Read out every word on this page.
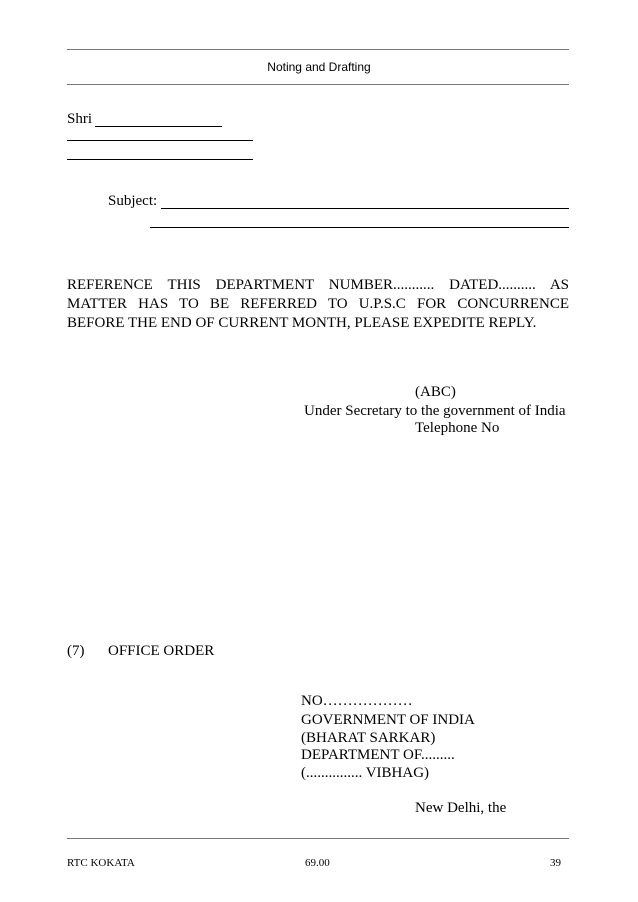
Noting and Drafting
Shri
Subject:
REFERENCE THIS DEPARTMENT NUMBER........... DATED.......... AS
MATTER HAS TO BE REFERRED TO U.P.S.C FOR CONCURRENCE
BEFORE THE END OF CURRENT MONTH, PLEASE EXPEDITE REPLY.
(ABC)
Under Secretary to the government of India
Telephone No
(7) OFFICE ORDER
NO………………
GOVERNMENT OF INDIA
(BHARAT SARKAR)
DEPARTMENT OF.........
(............... VIBHAG)
New Delhi, the
RTC KOKATA	69.00	39
